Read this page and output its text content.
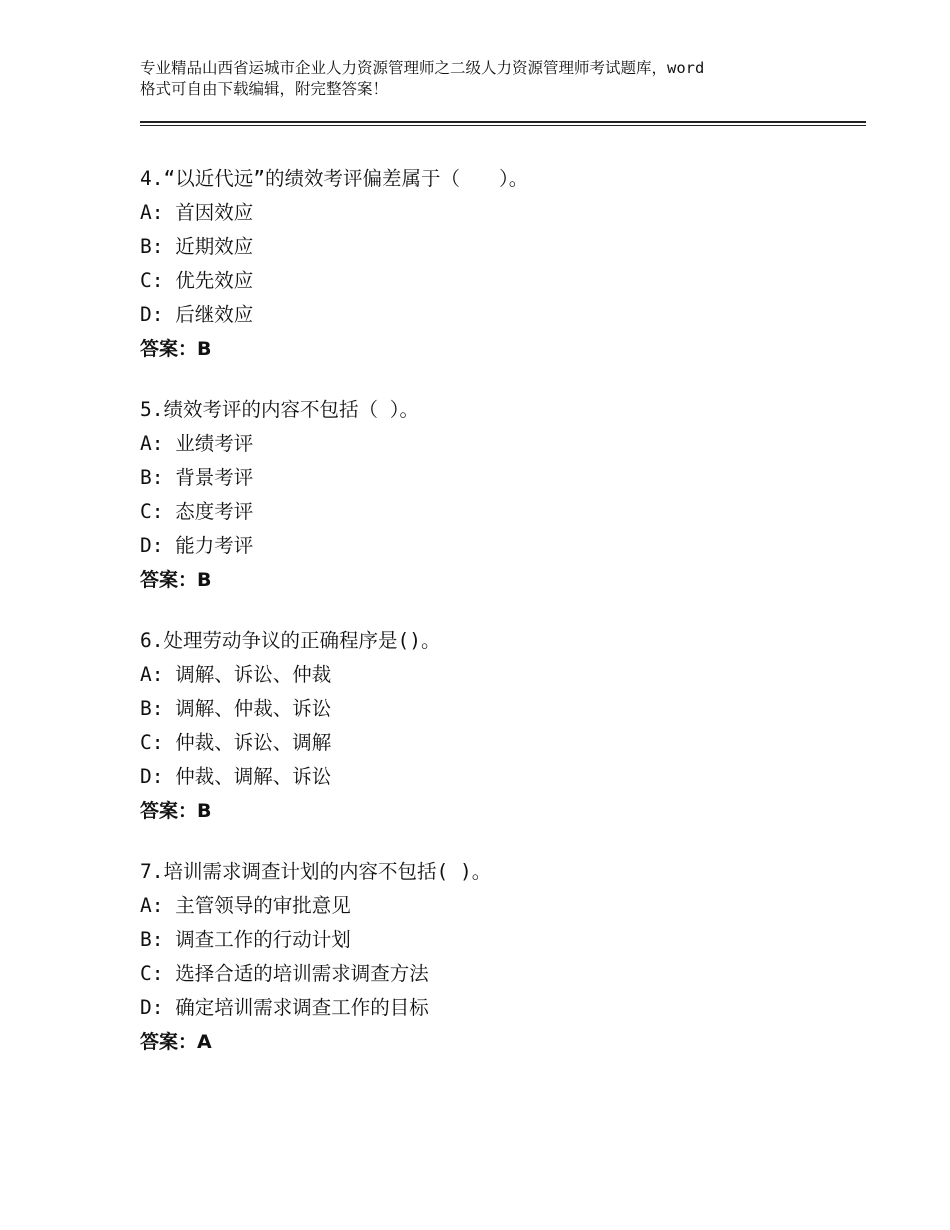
专业精品山西省运城市企业人力资源管理师之二级人力资源管理师考试题库，word
格式可自由下载编辑，附完整答案！
4.“以近代远”的绩效考评偏差属于（　　）。
A: 首因效应
B: 近期效应
C: 优先效应
D: 后继效应
答案：B
5.绩效考评的内容不包括（ ）。
A: 业绩考评
B: 背景考评
C: 态度考评
D: 能力考评
答案：B
6.处理劳动争议的正确程序是()。
A: 调解、诉讼、仲裁
B: 调解、仲裁、诉讼
C: 仲裁、诉讼、调解
D: 仲裁、调解、诉讼
答案：B
7.培训需求调查计划的内容不包括( )。
A: 主管领导的审批意见
B: 调查工作的行动计划
C: 选择合适的培训需求调查方法
D: 确定培训需求调查工作的目标
答案：A
